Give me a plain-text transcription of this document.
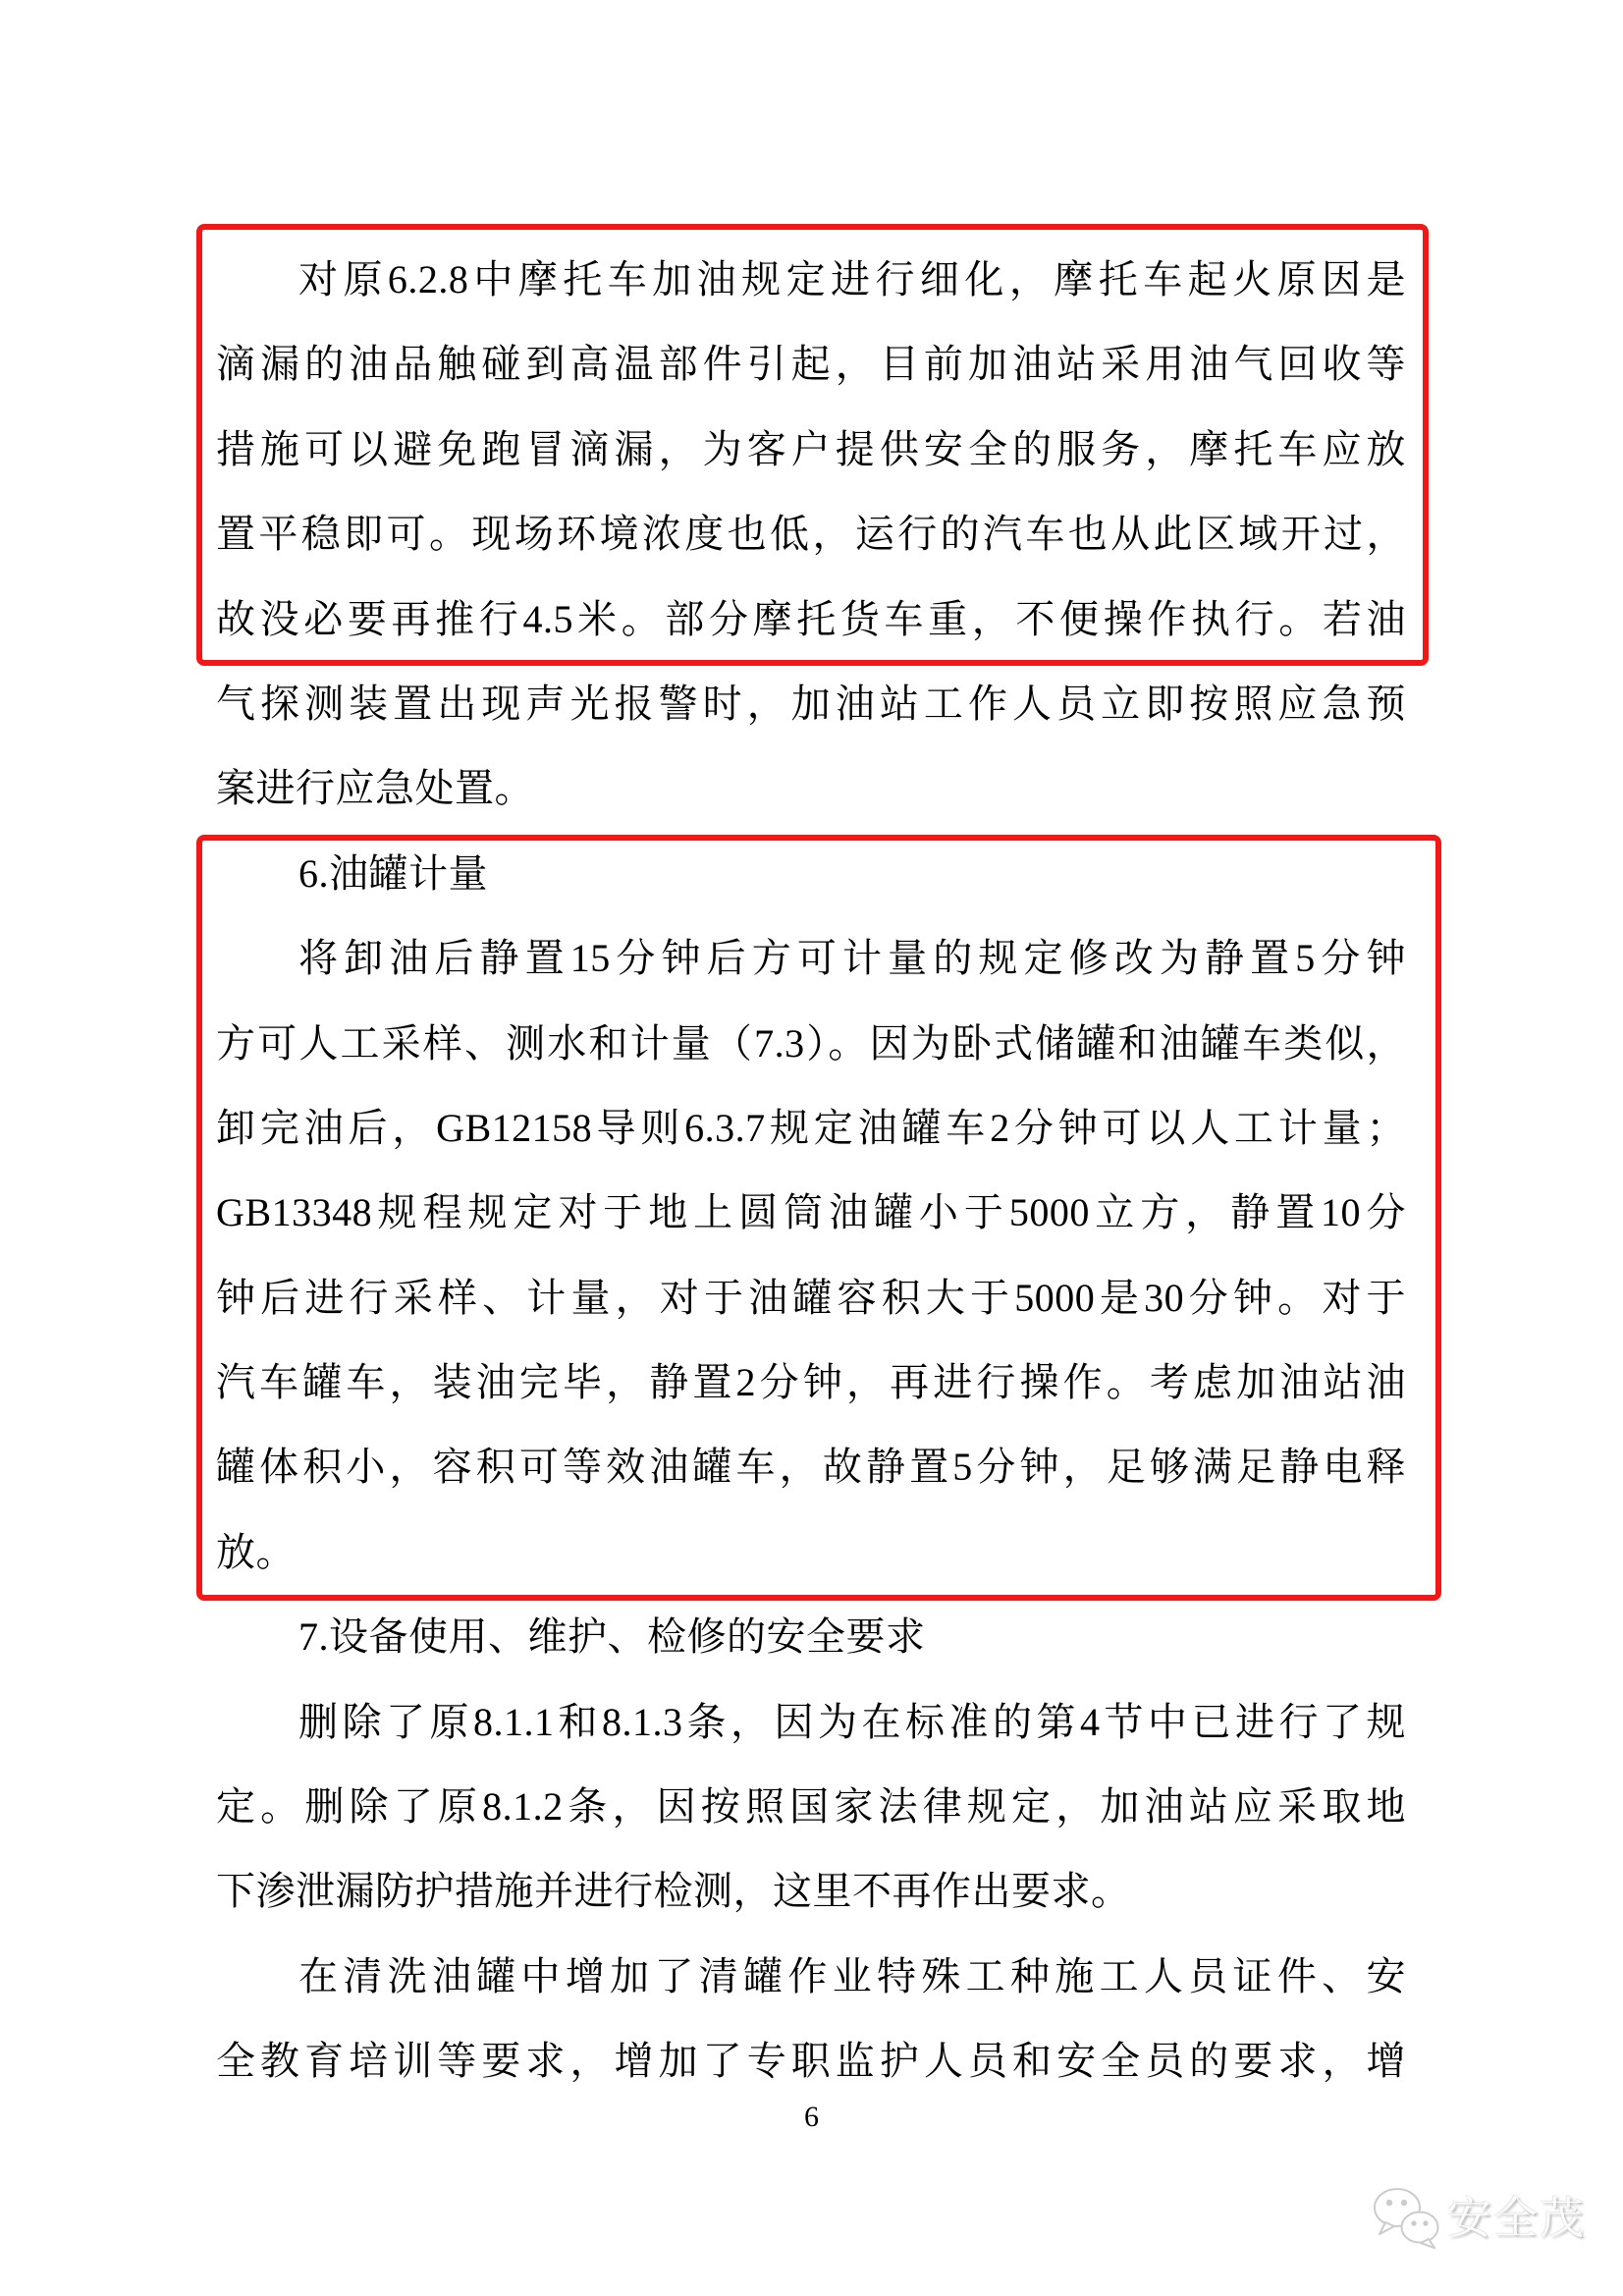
对原6.2.8中摩托车加油规定进行细化，摩托车起火原因是
滴漏的油品触碰到高温部件引起，目前加油站采用油气回收等
措施可以避免跑冒滴漏，为客户提供安全的服务，摩托车应放
置平稳即可。现场环境浓度也低，运行的汽车也从此区域开过，
故没必要再推行4.5米。部分摩托货车重，不便操作执行。若油
气探测装置出现声光报警时，加油站工作人员立即按照应急预
案进行应急处置。
6.油罐计量
将卸油后静置15分钟后方可计量的规定修改为静置5分钟
方可人工采样、测水和计量（7.3）。因为卧式储罐和油罐车类似，
卸完油后，GB12158导则6.3.7规定油罐车2分钟可以人工计量；
GB13348规程规定对于地上圆筒油罐小于5000立方，静置10分
钟后进行采样、计量，对于油罐容积大于5000是30分钟。对于
汽车罐车，装油完毕，静置2分钟，再进行操作。考虑加油站油
罐体积小，容积可等效油罐车，故静置5分钟，足够满足静电释
放。
7.设备使用、维护、检修的安全要求
删除了原8.1.1和8.1.3条，因为在标准的第4节中已进行了规
定。删除了原8.1.2条，因按照国家法律规定，加油站应采取地
下渗泄漏防护措施并进行检测，这里不再作出要求。
在清洗油罐中增加了清罐作业特殊工种施工人员证件、安
全教育培训等要求，增加了专职监护人员和安全员的要求，增
6
安全茂
